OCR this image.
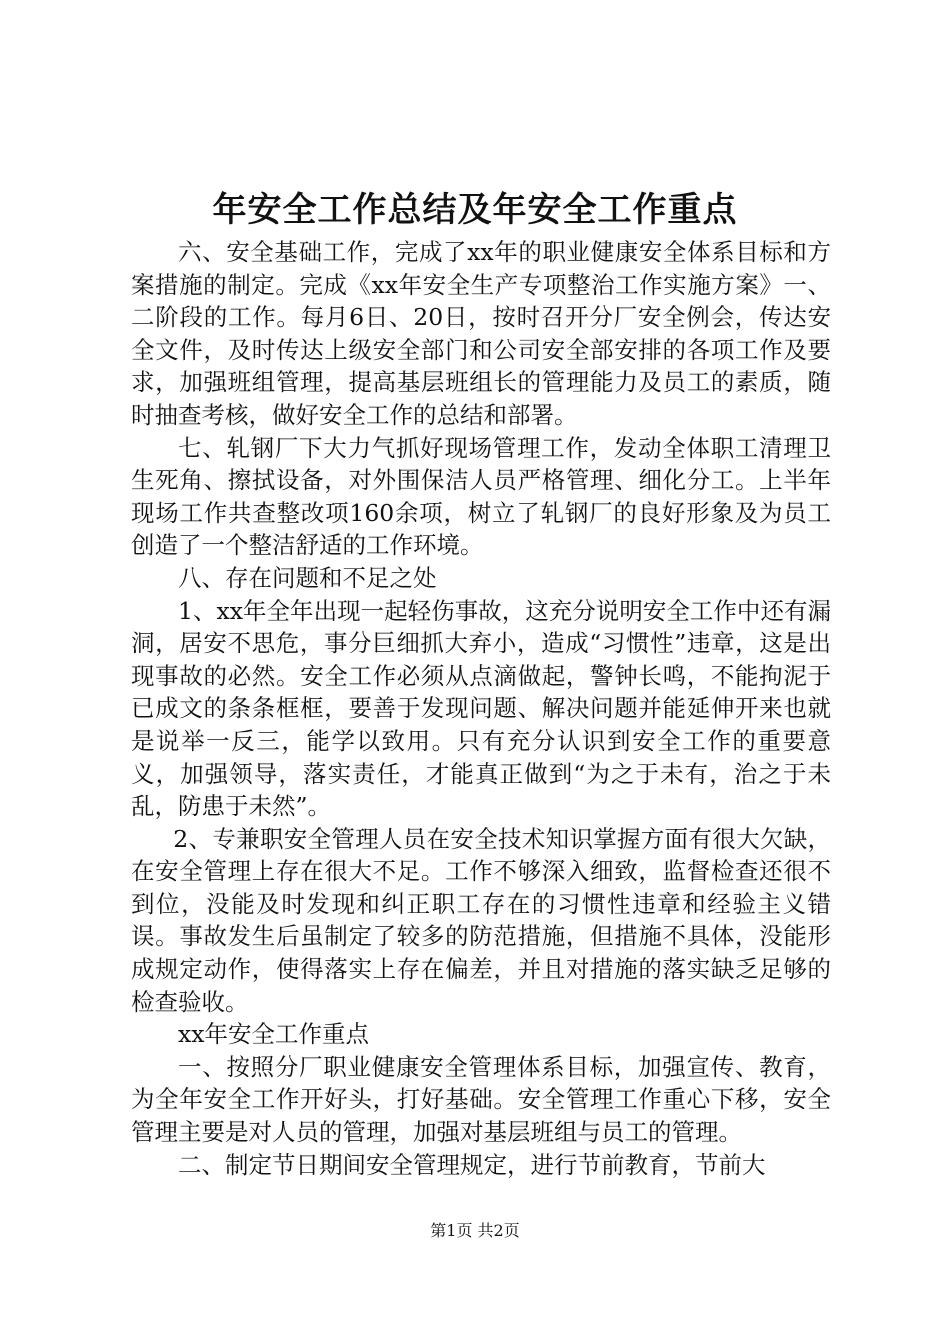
年安全工作总结及年安全工作重点

六、安全基础工作，完成了xx年的职业健康安全体系目标和方案措施的制定。完成《xx年安全生产专项整治工作实施方案》一、二阶段的工作。每月6日、20日，按时召开分厂安全例会，传达安全文件，及时传达上级安全部门和公司安全部安排的各项工作及要求，加强班组管理，提高基层班组长的管理能力及员工的素质，随时抽查考核，做好安全工作的总结和部署。

七、轧钢厂下大力气抓好现场管理工作，发动全体职工清理卫生死角、擦拭设备，对外围保洁人员严格管理、细化分工。上半年现场工作共查整改项160余项，树立了轧钢厂的良好形象及为员工创造了一个整洁舒适的工作环境。

八、存在问题和不足之处

1、xx年全年出现一起轻伤事故，这充分说明安全工作中还有漏洞，居安不思危，事分巨细抓大弃小，造成“习惯性”违章，这是出现事故的必然。安全工作必须从点滴做起，警钟长鸣，不能拘泥于已成文的条条框框，要善于发现问题、解决问题并能延伸开来也就是说举一反三，能学以致用。只有充分认识到安全工作的重要意义，加强领导，落实责任，才能真正做到“为之于未有，治之于未乱，防患于未然”。

2、专兼职安全管理人员在安全技术知识掌握方面有很大欠缺，在安全管理上存在很大不足。工作不够深入细致，监督检查还很不到位，没能及时发现和纠正职工存在的习惯性违章和经验主义错误。事故发生后虽制定了较多的防范措施，但措施不具体，没能形成规定动作，使得落实上存在偏差，并且对措施的落实缺乏足够的检查验收。

xx年安全工作重点

一、按照分厂职业健康安全管理体系目标，加强宣传、教育，为全年安全工作开好头，打好基础。安全管理工作重心下移，安全管理主要是对人员的管理，加强对基层班组与员工的管理。

二、制定节日期间安全管理规定，进行节前教育，节前大

第1页 共2页
